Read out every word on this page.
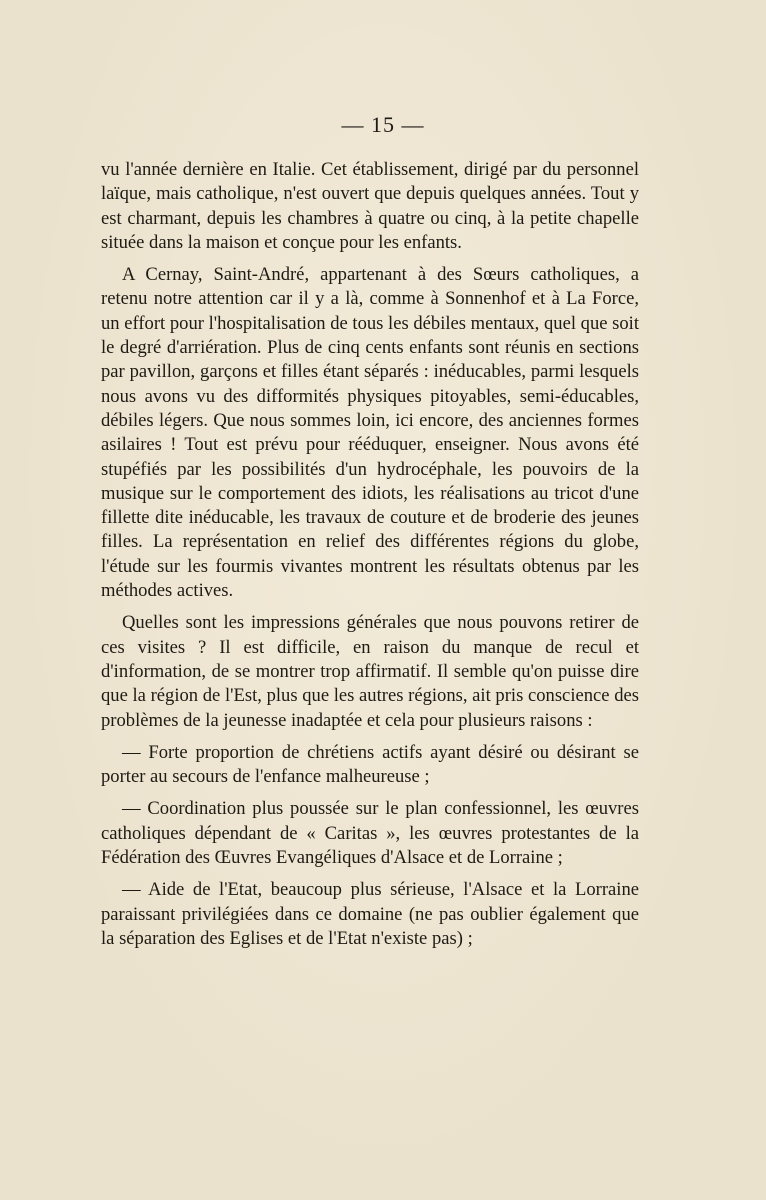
— 15 —

vu l'année dernière en Italie. Cet établissement, dirigé par du personnel laïque, mais catholique, n'est ouvert que depuis quelques années. Tout y est charmant, depuis les chambres à quatre ou cinq, à la petite chapelle située dans la maison et conçue pour les enfants.

A Cernay, Saint-André, appartenant à des Sœurs catholiques, a retenu notre attention car il y a là, comme à Sonnenhof et à La Force, un effort pour l'hospitalisation de tous les débiles mentaux, quel que soit le degré d'arriération. Plus de cinq cents enfants sont réunis en sections par pavillon, garçons et filles étant séparés : inéducables, parmi lesquels nous avons vu des difformités physiques pitoyables, semi-éducables, débiles légers. Que nous sommes loin, ici encore, des anciennes formes asilaires ! Tout est prévu pour rééduquer, enseigner. Nous avons été stupéfiés par les possibilités d'un hydrocéphale, les pouvoirs de la musique sur le comportement des idiots, les réalisations au tricot d'une fillette dite inéducable, les travaux de couture et de broderie des jeunes filles. La représentation en relief des différentes régions du globe, l'étude sur les fourmis vivantes montrent les résultats obtenus par les méthodes actives.

Quelles sont les impressions générales que nous pouvons retirer de ces visites ? Il est difficile, en raison du manque de recul et d'information, de se montrer trop affirmatif. Il semble qu'on puisse dire que la région de l'Est, plus que les autres régions, ait pris conscience des problèmes de la jeunesse inadaptée et cela pour plusieurs raisons :

— Forte proportion de chrétiens actifs ayant désiré ou désirant se porter au secours de l'enfance malheureuse ;

— Coordination plus poussée sur le plan confessionnel, les œuvres catholiques dépendant de « Caritas », les œuvres protestantes de la Fédération des Œuvres Evangéliques d'Alsace et de Lorraine ;

— Aide de l'Etat, beaucoup plus sérieuse, l'Alsace et la Lorraine paraissant privilégiées dans ce domaine (ne pas oublier également que la séparation des Eglises et de l'Etat n'existe pas) ;
